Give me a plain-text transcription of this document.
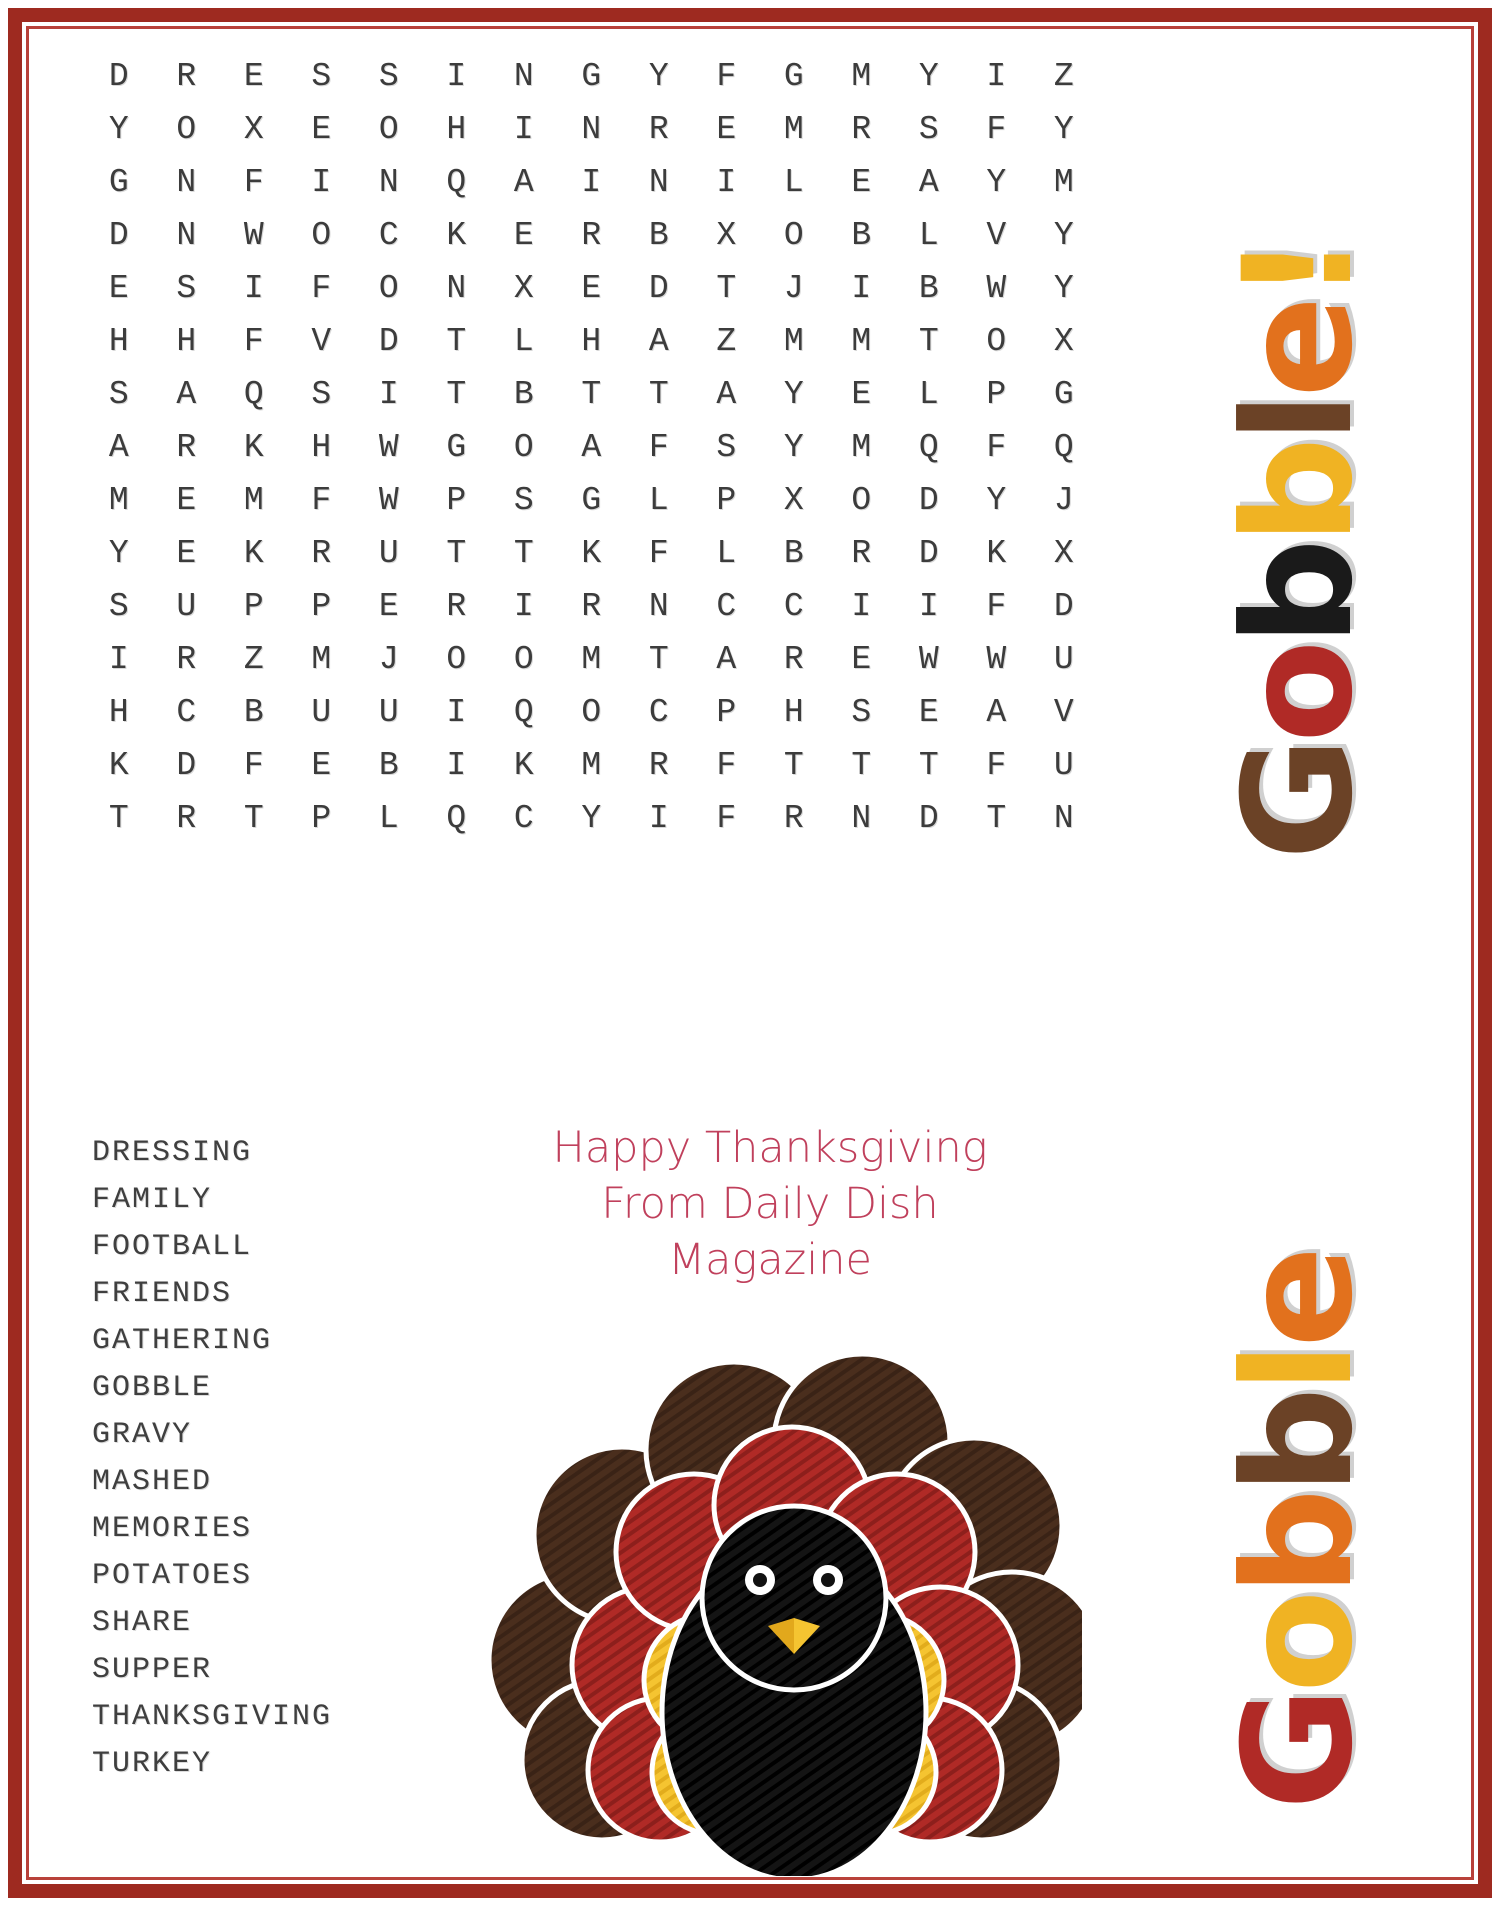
D	R	E	S	S	I	N	G	Y	F	G	M	Y	I	Z
Y	O	X	E	O	H	I	N	R	E	M	R	S	F	Y
G	N	F	I	N	Q	A	I	N	I	L	E	A	Y	M
D	N	W	O	C	K	E	R	B	X	O	B	L	V	Y
E	S	I	F	O	N	X	E	D	T	J	I	B	W	Y
H	H	F	V	D	T	L	H	A	Z	M	M	T	O	X
S	A	Q	S	I	T	B	T	T	A	Y	E	L	P	G
A	R	K	H	W	G	O	A	F	S	Y	M	Q	F	Q
M	E	M	F	W	P	S	G	L	P	X	O	D	Y	J
Y	E	K	R	U	T	T	K	F	L	B	R	D	K	X
S	U	P	P	E	R	I	R	N	C	C	I	I	F	D
I	R	Z	M	J	O	O	M	T	A	R	E	W	W	U
H	C	B	U	U	I	Q	O	C	P	H	S	E	A	V
K	D	F	E	B	I	K	M	R	F	T	T	T	F	U
T	R	T	P	L	Q	C	Y	I	F	R	N	D	T	N
DRESSING
FAMILY
FOOTBALL
FRIENDS
GATHERING
GOBBLE
GRAVY
MASHED
MEMORIES
POTATOES
SHARE
SUPPER
THANKSGIVING
TURKEY
Happy Thanksgiving
From Daily Dish
Magazine
Gobble!
Gobble
